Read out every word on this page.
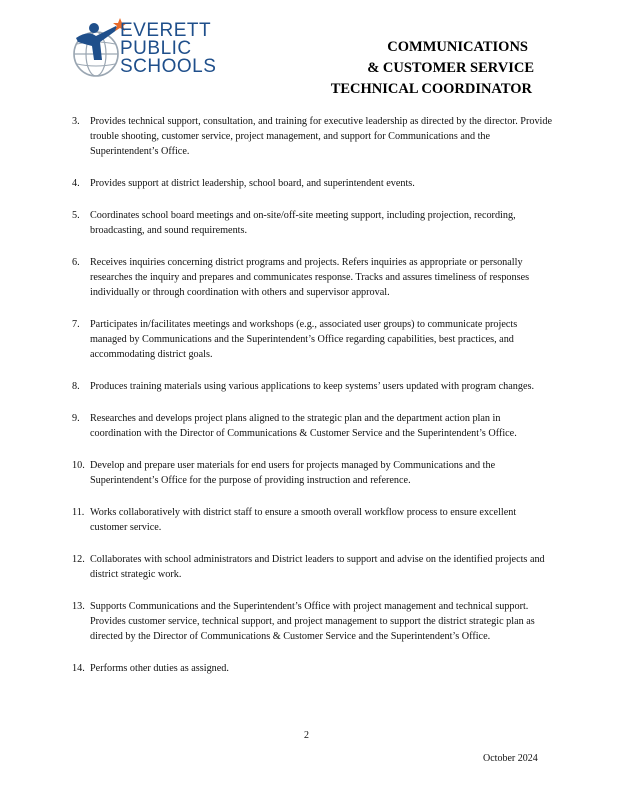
EVERETT
PUBLIC
SCHOOLS
COMMUNICATIONS
& CUSTOMER SERVICE
TECHNICAL COORDINATOR
3.	Provides technical support, consultation, and training for executive leadership as directed by the director. Provide trouble shooting, customer service, project management, and support for Communications and the Superintendent’s Office.
4.	Provides support at district leadership, school board, and superintendent events.
5.	Coordinates school board meetings and on-site/off-site meeting support, including projection, recording, broadcasting, and sound requirements.
6.	Receives inquiries concerning district programs and projects. Refers inquiries as appropriate or personally researches the inquiry and prepares and communicates response. Tracks and assures timeliness of responses individually or through coordination with others and supervisor approval.
7.	Participates in/facilitates meetings and workshops (e.g., associated user groups) to communicate projects managed by Communications and the Superintendent’s Office regarding capabilities, best practices, and accommodating district goals.
8.	Produces training materials using various applications to keep systems’ users updated with program changes.
9.	Researches and develops project plans aligned to the strategic plan and the department action plan in coordination with the Director of Communications & Customer Service and the Superintendent’s Office.
10. Develop and prepare user materials for end users for projects managed by Communications and the Superintendent’s Office for the purpose of providing instruction and reference.
11. Works collaboratively with district staff to ensure a smooth overall workflow process to ensure excellent customer service.
12. Collaborates with school administrators and District leaders to support and advise on the identified projects and district strategic work.
13. Supports Communications and the Superintendent’s Office with project management and technical support. Provides customer service, technical support, and project management to support the district strategic plan as directed by the Director of Communications & Customer Service and the Superintendent’s Office.
14. Performs other duties as assigned.
2
October 2024
